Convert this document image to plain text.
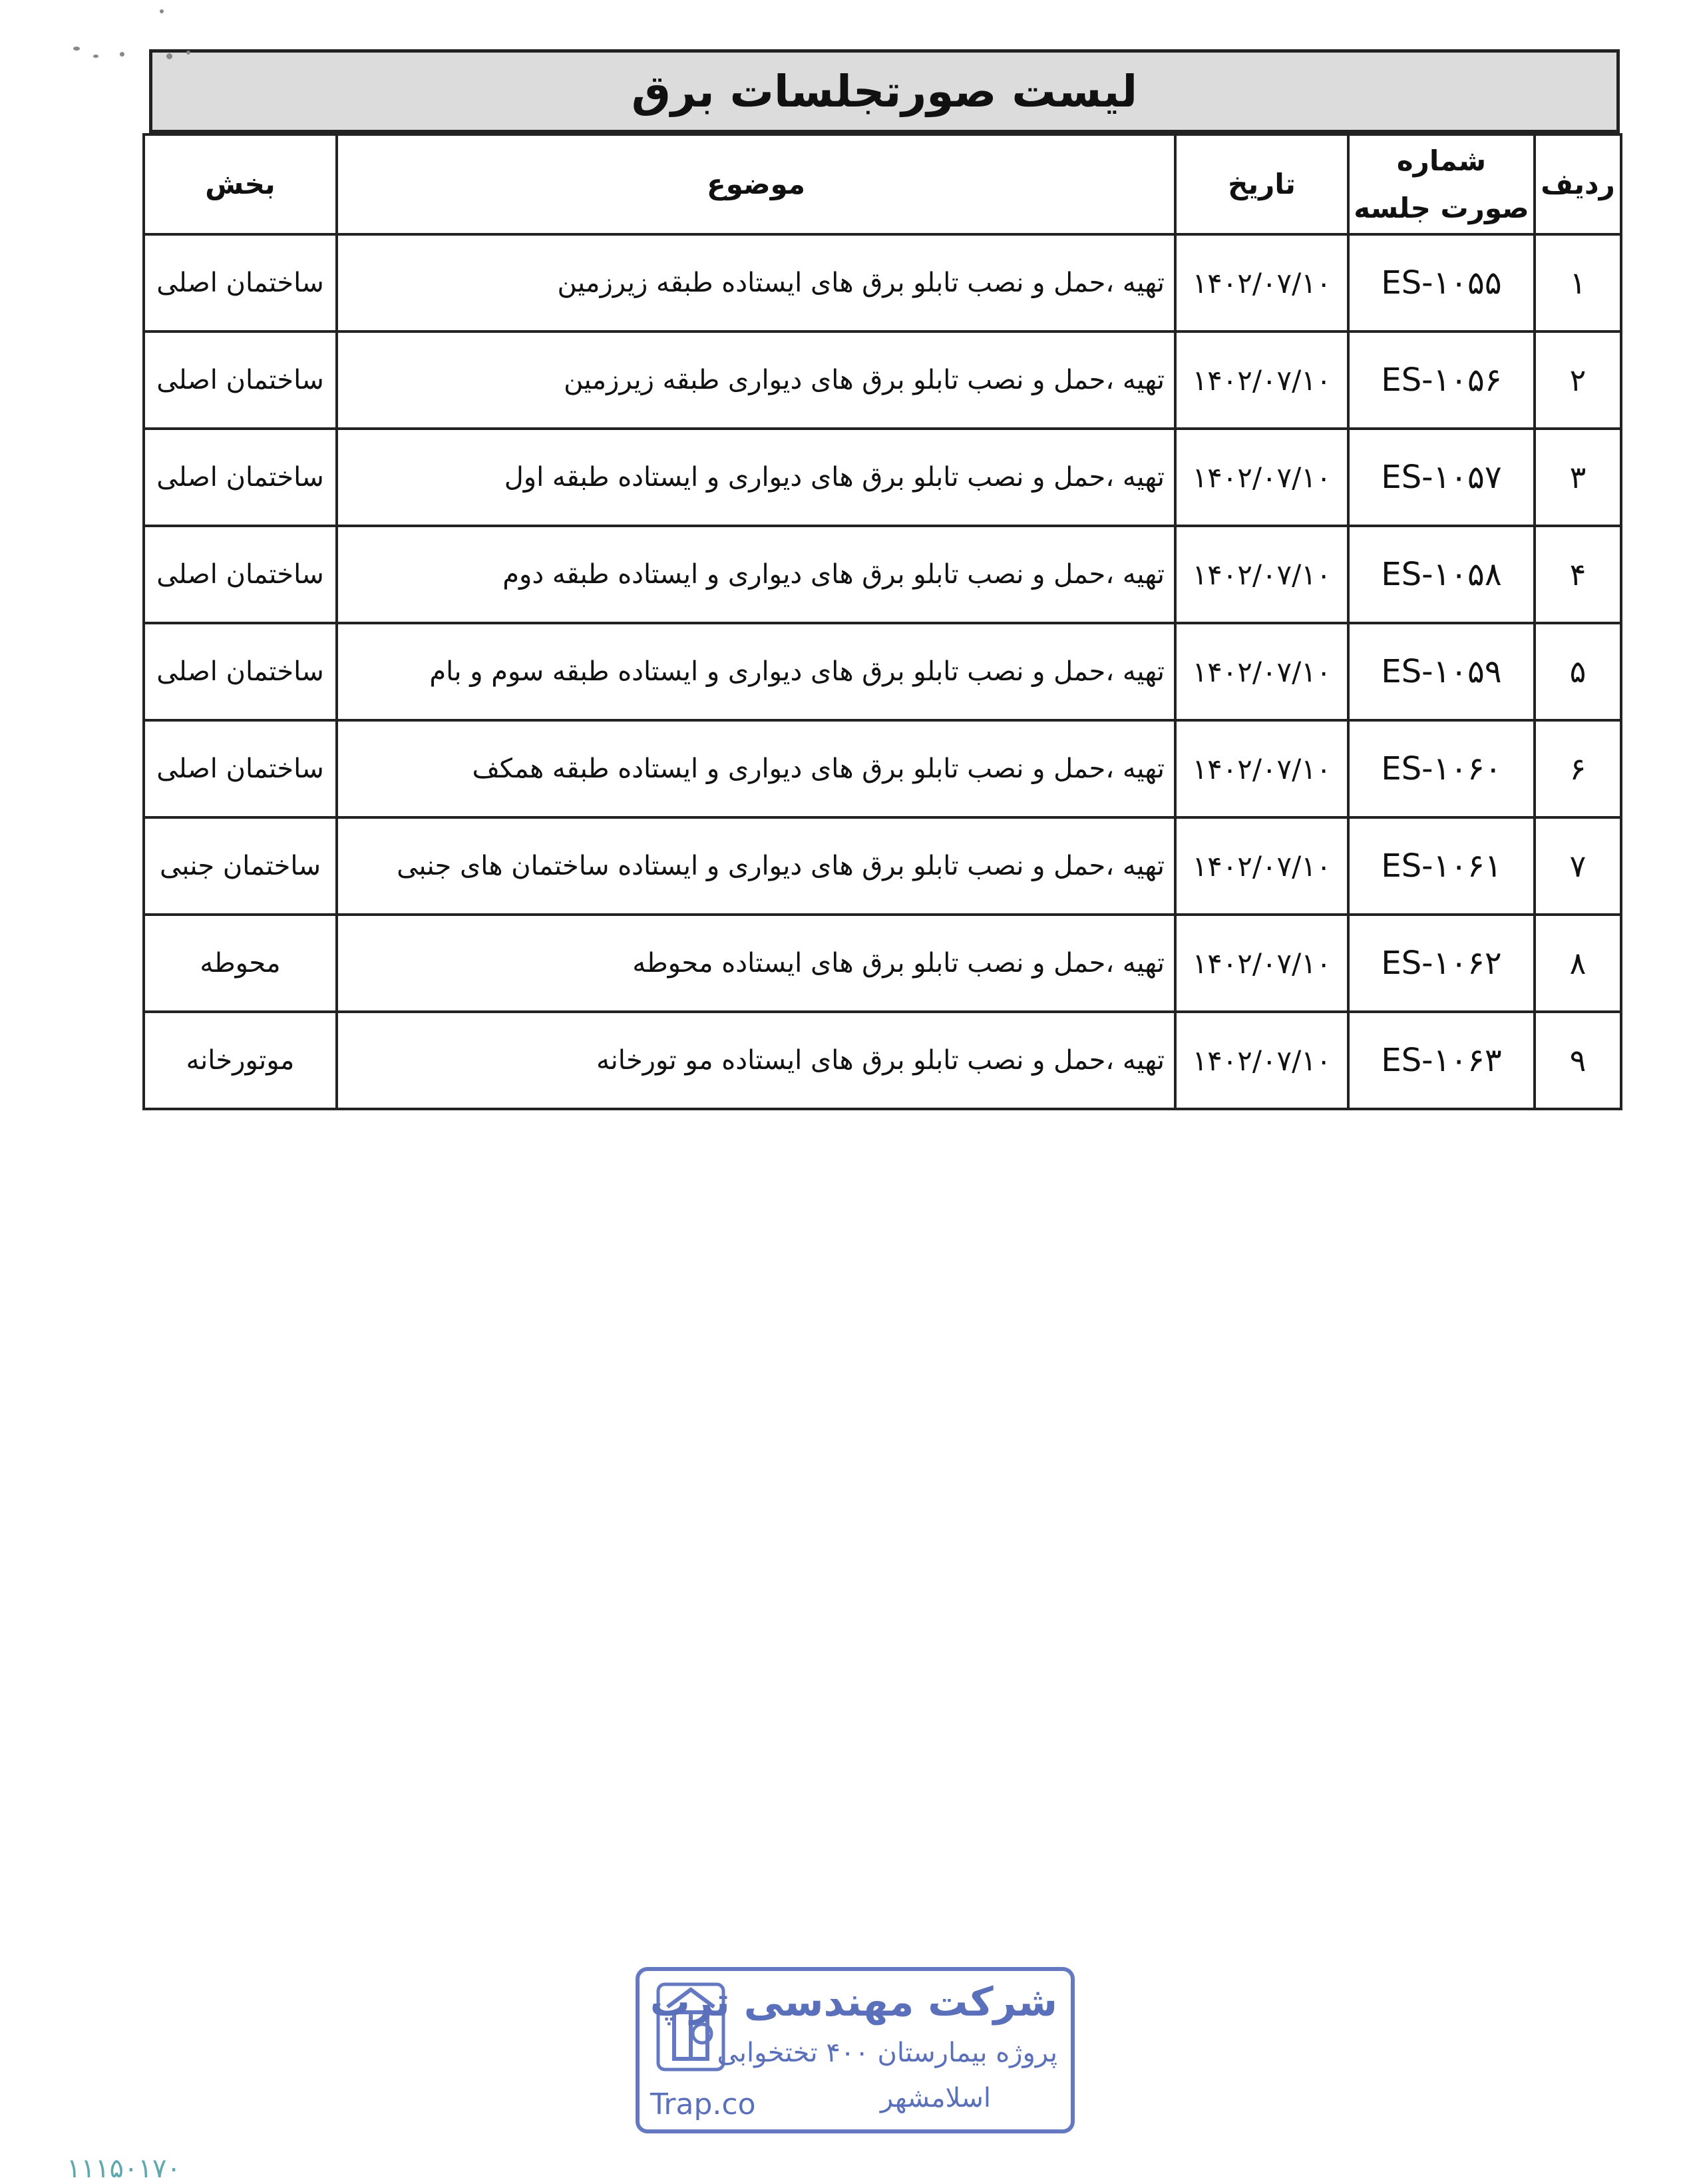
لیست صورتجلسات برق
ردیف	شماره صورت جلسه	تاریخ	موضوع	بخش
۱	ES-۱۰۵۵	۱۴۰۲/۰۷/۱۰	تهیه ،حمل و نصب تابلو برق های ایستاده طبقه زیرزمین	ساختمان اصلی
۲	ES-۱۰۵۶	۱۴۰۲/۰۷/۱۰	تهیه ،حمل و نصب تابلو برق های دیواری طبقه زیرزمین	ساختمان اصلی
۳	ES-۱۰۵۷	۱۴۰۲/۰۷/۱۰	تهیه ،حمل و نصب تابلو برق های دیواری و ایستاده طبقه اول	ساختمان اصلی
۴	ES-۱۰۵۸	۱۴۰۲/۰۷/۱۰	تهیه ،حمل و نصب تابلو برق های دیواری و ایستاده طبقه دوم	ساختمان اصلی
۵	ES-۱۰۵۹	۱۴۰۲/۰۷/۱۰	تهیه ،حمل و نصب تابلو برق های دیواری و ایستاده طبقه سوم و بام	ساختمان اصلی
۶	ES-۱۰۶۰	۱۴۰۲/۰۷/۱۰	تهیه ،حمل و نصب تابلو برق های دیواری و ایستاده طبقه همکف	ساختمان اصلی
۷	ES-۱۰۶۱	۱۴۰۲/۰۷/۱۰	تهیه ،حمل و نصب تابلو برق های دیواری و ایستاده ساختمان های جنبی	ساختمان جنبی
۸	ES-۱۰۶۲	۱۴۰۲/۰۷/۱۰	تهیه ،حمل و نصب تابلو برق های ایستاده محوطه	محوطه
۹	ES-۱۰۶۳	۱۴۰۲/۰۷/۱۰	تهیه ،حمل و نصب تابلو برق های ایستاده مو تورخانه	موتورخانه
شرکت مهندسی ترپ
پروژه بیمارستان ۴۰۰ تختخوابی
اسلامشهر
Trap.co
۱۱۱۵۰۱۷۰
